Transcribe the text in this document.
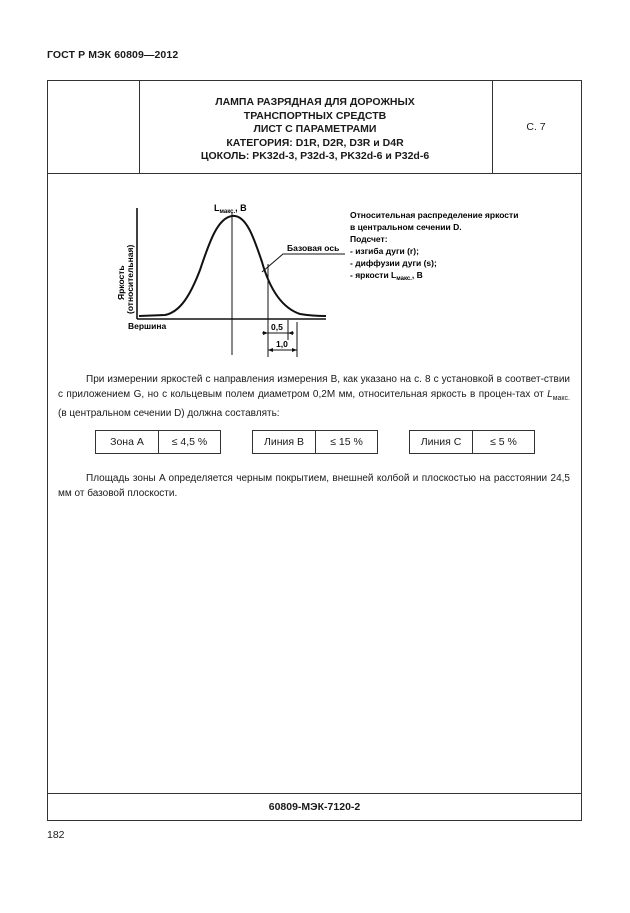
ГОСТ Р МЭК 60809—2012
ЛАМПА РАЗРЯДНАЯ ДЛЯ ДОРОЖНЫХ
ТРАНСПОРТНЫХ СРЕДСТВ
ЛИСТ С ПАРАМЕТРАМИ
КАТЕГОРИЯ: D1R, D2R, D3R и D4R
ЦОКОЛЬ: PK32d-3, P32d-3, PK32d-6 и P32d-6
С. 7
$L_{макс.}$, B
Яркость (относительная)
Вершина
Базовая ось
0,5
1,0
Относительная распределение яркости
в центральном сечении D.
Подсчет:
- изгиба дуги (r);
- диффузии дуги (s);
- яркости $L_{макс.}$, B
При измерении яркостей с направления измерения B, как указано на с. 8 с установкой в соответ-ствии с приложением G, но с кольцевым полем диаметром 0,2M мм, относительная яркость в процен-тах от $L_{макс.}$ (в центральном сечении D) должна составлять:
Зона A	≤ 4,5 %	Линия B	≤ 15 %	Линия C	≤ 5 %
Площадь зоны A определяется черным покрытием, внешней колбой и плоскостью на расстоянии 24,5 мм от базовой плоскости.
60809-МЭК-7120-2
182
